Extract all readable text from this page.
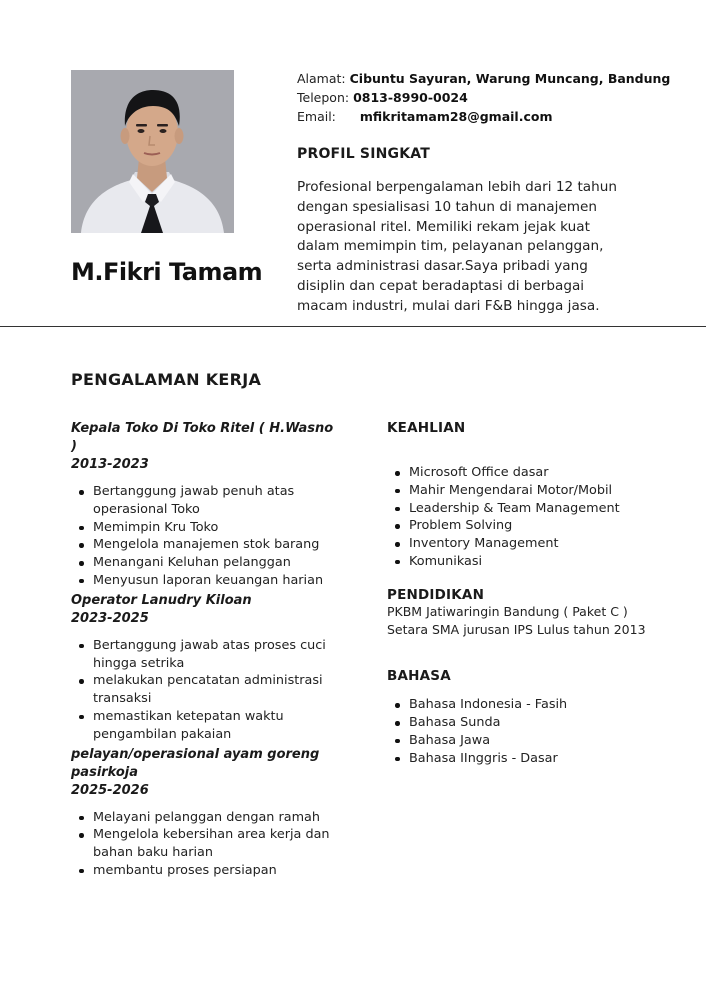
M.Fikri Tamam
Alamat: Cibuntu Sayuran, Warung Muncang, Bandung
Telepon: 0813-8990-0024
Email: mfikritamam28@gmail.com
PROFIL SINGKAT
Profesional berpengalaman lebih dari 12 tahun
dengan spesialisasi 10 tahun di manajemen
operasional ritel. Memiliki rekam jejak kuat
dalam memimpin tim, pelayanan pelanggan,
serta administrasi dasar.Saya pribadi yang
disiplin dan cepat beradaptasi di berbagai
macam industri, mulai dari F&B hingga jasa.
PENGALAMAN KERJA
Kepala Toko Di Toko Ritel ( H.Wasno )
2013-2023
Bertanggung jawab penuh atas operasional Toko
Memimpin Kru Toko
Mengelola manajemen stok barang
Menangani Keluhan pelanggan
Menyusun laporan keuangan harian
Operator Lanudry Kiloan
2023-2025
Bertanggung jawab atas proses cuci hingga setrika
melakukan pencatatan administrasi transaksi
memastikan ketepatan waktu pengambilan pakaian
pelayan/operasional ayam goreng pasirkoja
2025-2026
Melayani pelanggan dengan ramah
Mengelola kebersihan area kerja dan bahan baku harian
membantu proses persiapan
KEAHLIAN
Microsoft Office dasar
Mahir Mengendarai Motor/Mobil
Leadership & Team Management
Problem Solving
Inventory Management
Komunikasi
PENDIDIKAN
PKBM Jatiwaringin Bandung ( Paket C )
Setara SMA jurusan IPS Lulus tahun 2013
BAHASA
Bahasa Indonesia - Fasih
Bahasa Sunda
Bahasa Jawa
Bahasa IInggris - Dasar
